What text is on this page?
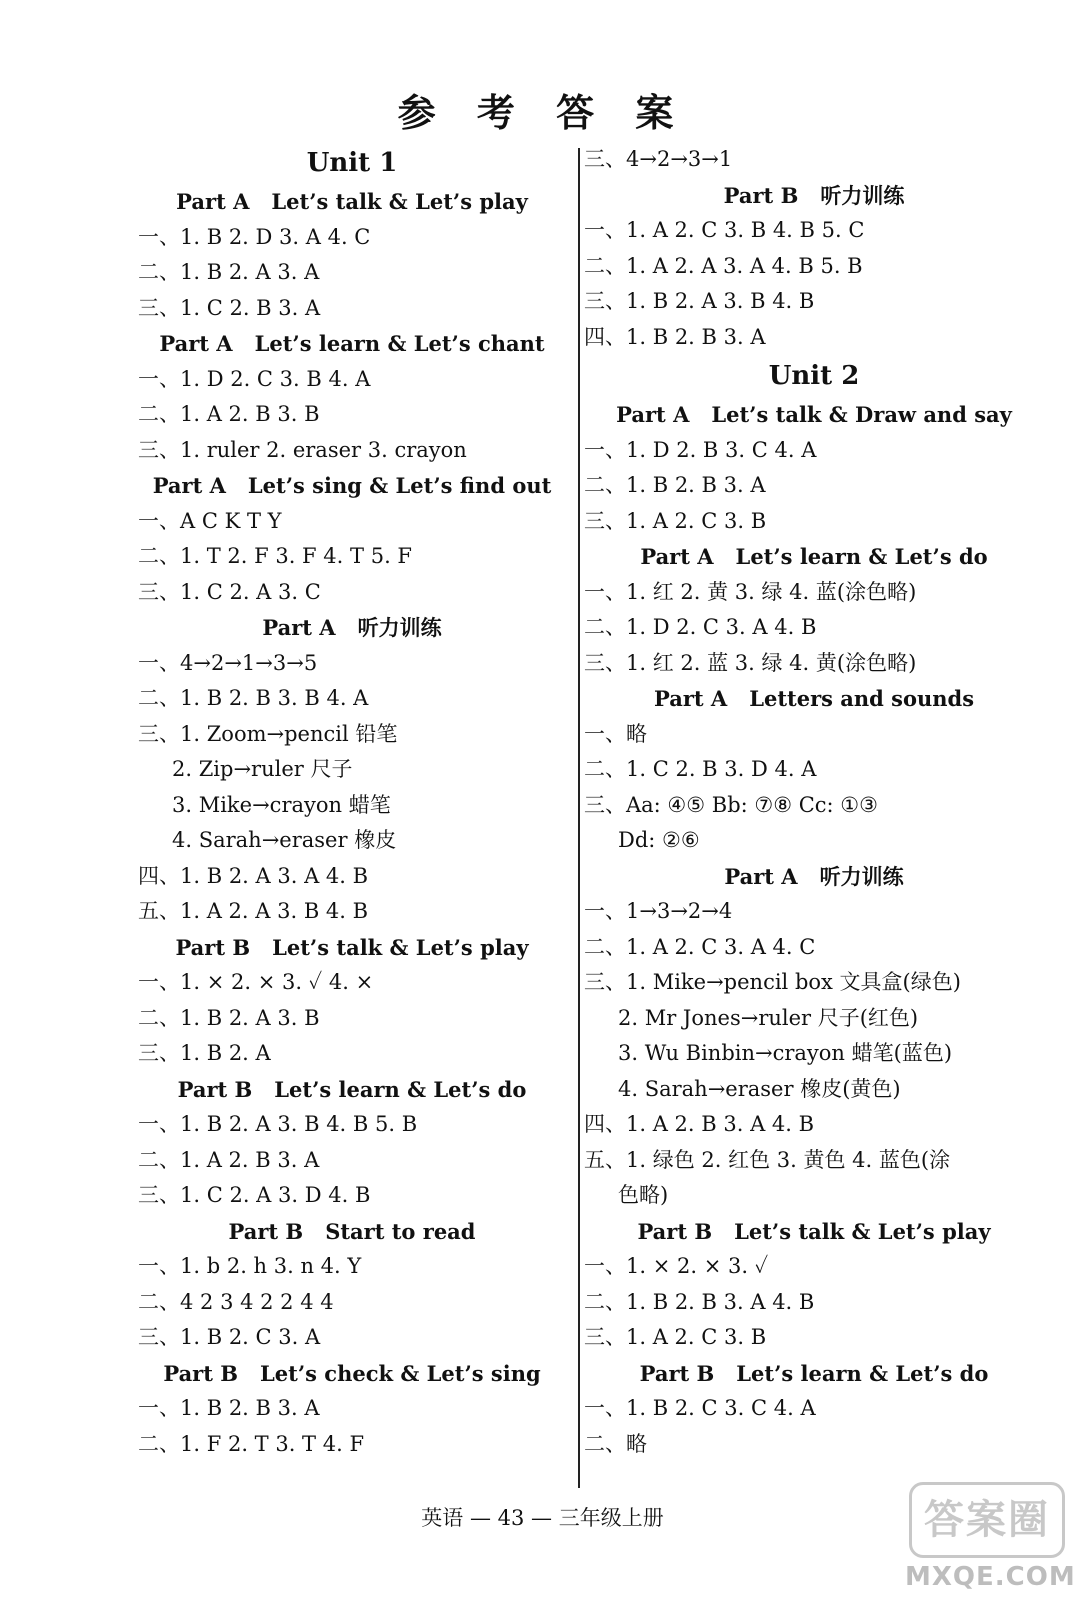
参 考 答 案
Unit 1
Part A Let’s talk & Let’s play
一、1. B 2. D 3. A 4. C
二、1. B 2. A 3. A
三、1. C 2. B 3. A
Part A Let’s learn & Let’s chant
一、1. D 2. C 3. B 4. A
二、1. A 2. B 3. B
三、1. ruler 2. eraser 3. crayon
Part A Let’s sing & Let’s find out
一、A C K T Y
二、1. T 2. F 3. F 4. T 5. F
三、1. C 2. A 3. C
Part A 听力训练
一、4→2→1→3→5
二、1. B 2. B 3. B 4. A
三、1. Zoom→pencil 铅笔
2. Zip→ruler 尺子
3. Mike→crayon 蜡笔
4. Sarah→eraser 橡皮
四、1. B 2. A 3. A 4. B
五、1. A 2. A 3. B 4. B
Part B Let’s talk & Let’s play
一、1. × 2. × 3. ✓ 4. ×
二、1. B 2. A 3. B
三、1. B 2. A
Part B Let’s learn & Let’s do
一、1. B 2. A 3. B 4. B 5. B
二、1. A 2. B 3. A
三、1. C 2. A 3. D 4. B
Part B Start to read
一、1. b 2. h 3. n 4. Y
二、4 2 3 4 2 2 4 4
三、1. B 2. C 3. A
Part B Let’s check & Let’s sing
一、1. B 2. B 3. A
二、1. F 2. T 3. T 4. F
三、4→2→3→1
Part B 听力训练
一、1. A 2. C 3. B 4. B 5. C
二、1. A 2. A 3. A 4. B 5. B
三、1. B 2. A 3. B 4. B
四、1. B 2. B 3. A
Unit 2
Part A Let’s talk & Draw and say
一、1. D 2. B 3. C 4. A
二、1. B 2. B 3. A
三、1. A 2. C 3. B
Part A Let’s learn & Let’s do
一、1. 红 2. 黄 3. 绿 4. 蓝(涂色略)
二、1. D 2. C 3. A 4. B
三、1. 红 2. 蓝 3. 绿 4. 黄(涂色略)
Part A Letters and sounds
一、略
二、1. C 2. B 3. D 4. A
三、Aa: ④⑤ Bb: ⑦⑧ Cc: ①③
Dd: ②⑥
Part A 听力训练
一、1→3→2→4
二、1. A 2. C 3. A 4. C
三、1. Mike→pencil box 文具盒(绿色)
2. Mr Jones→ruler 尺子(红色)
3. Wu Binbin→crayon 蜡笔(蓝色)
4. Sarah→eraser 橡皮(黄色)
四、1. A 2. B 3. A 4. B
五、1. 绿色 2. 红色 3. 黄色 4. 蓝色(涂
色略)
Part B Let’s talk & Let’s play
一、1. × 2. × 3. ✓
二、1. B 2. B 3. A 4. B
三、1. A 2. C 3. B
Part B Let’s learn & Let’s do
一、1. B 2. C 3. C 4. A
二、略
英语 — 43 — 三年级上册	答案圈
MXQE.COM
